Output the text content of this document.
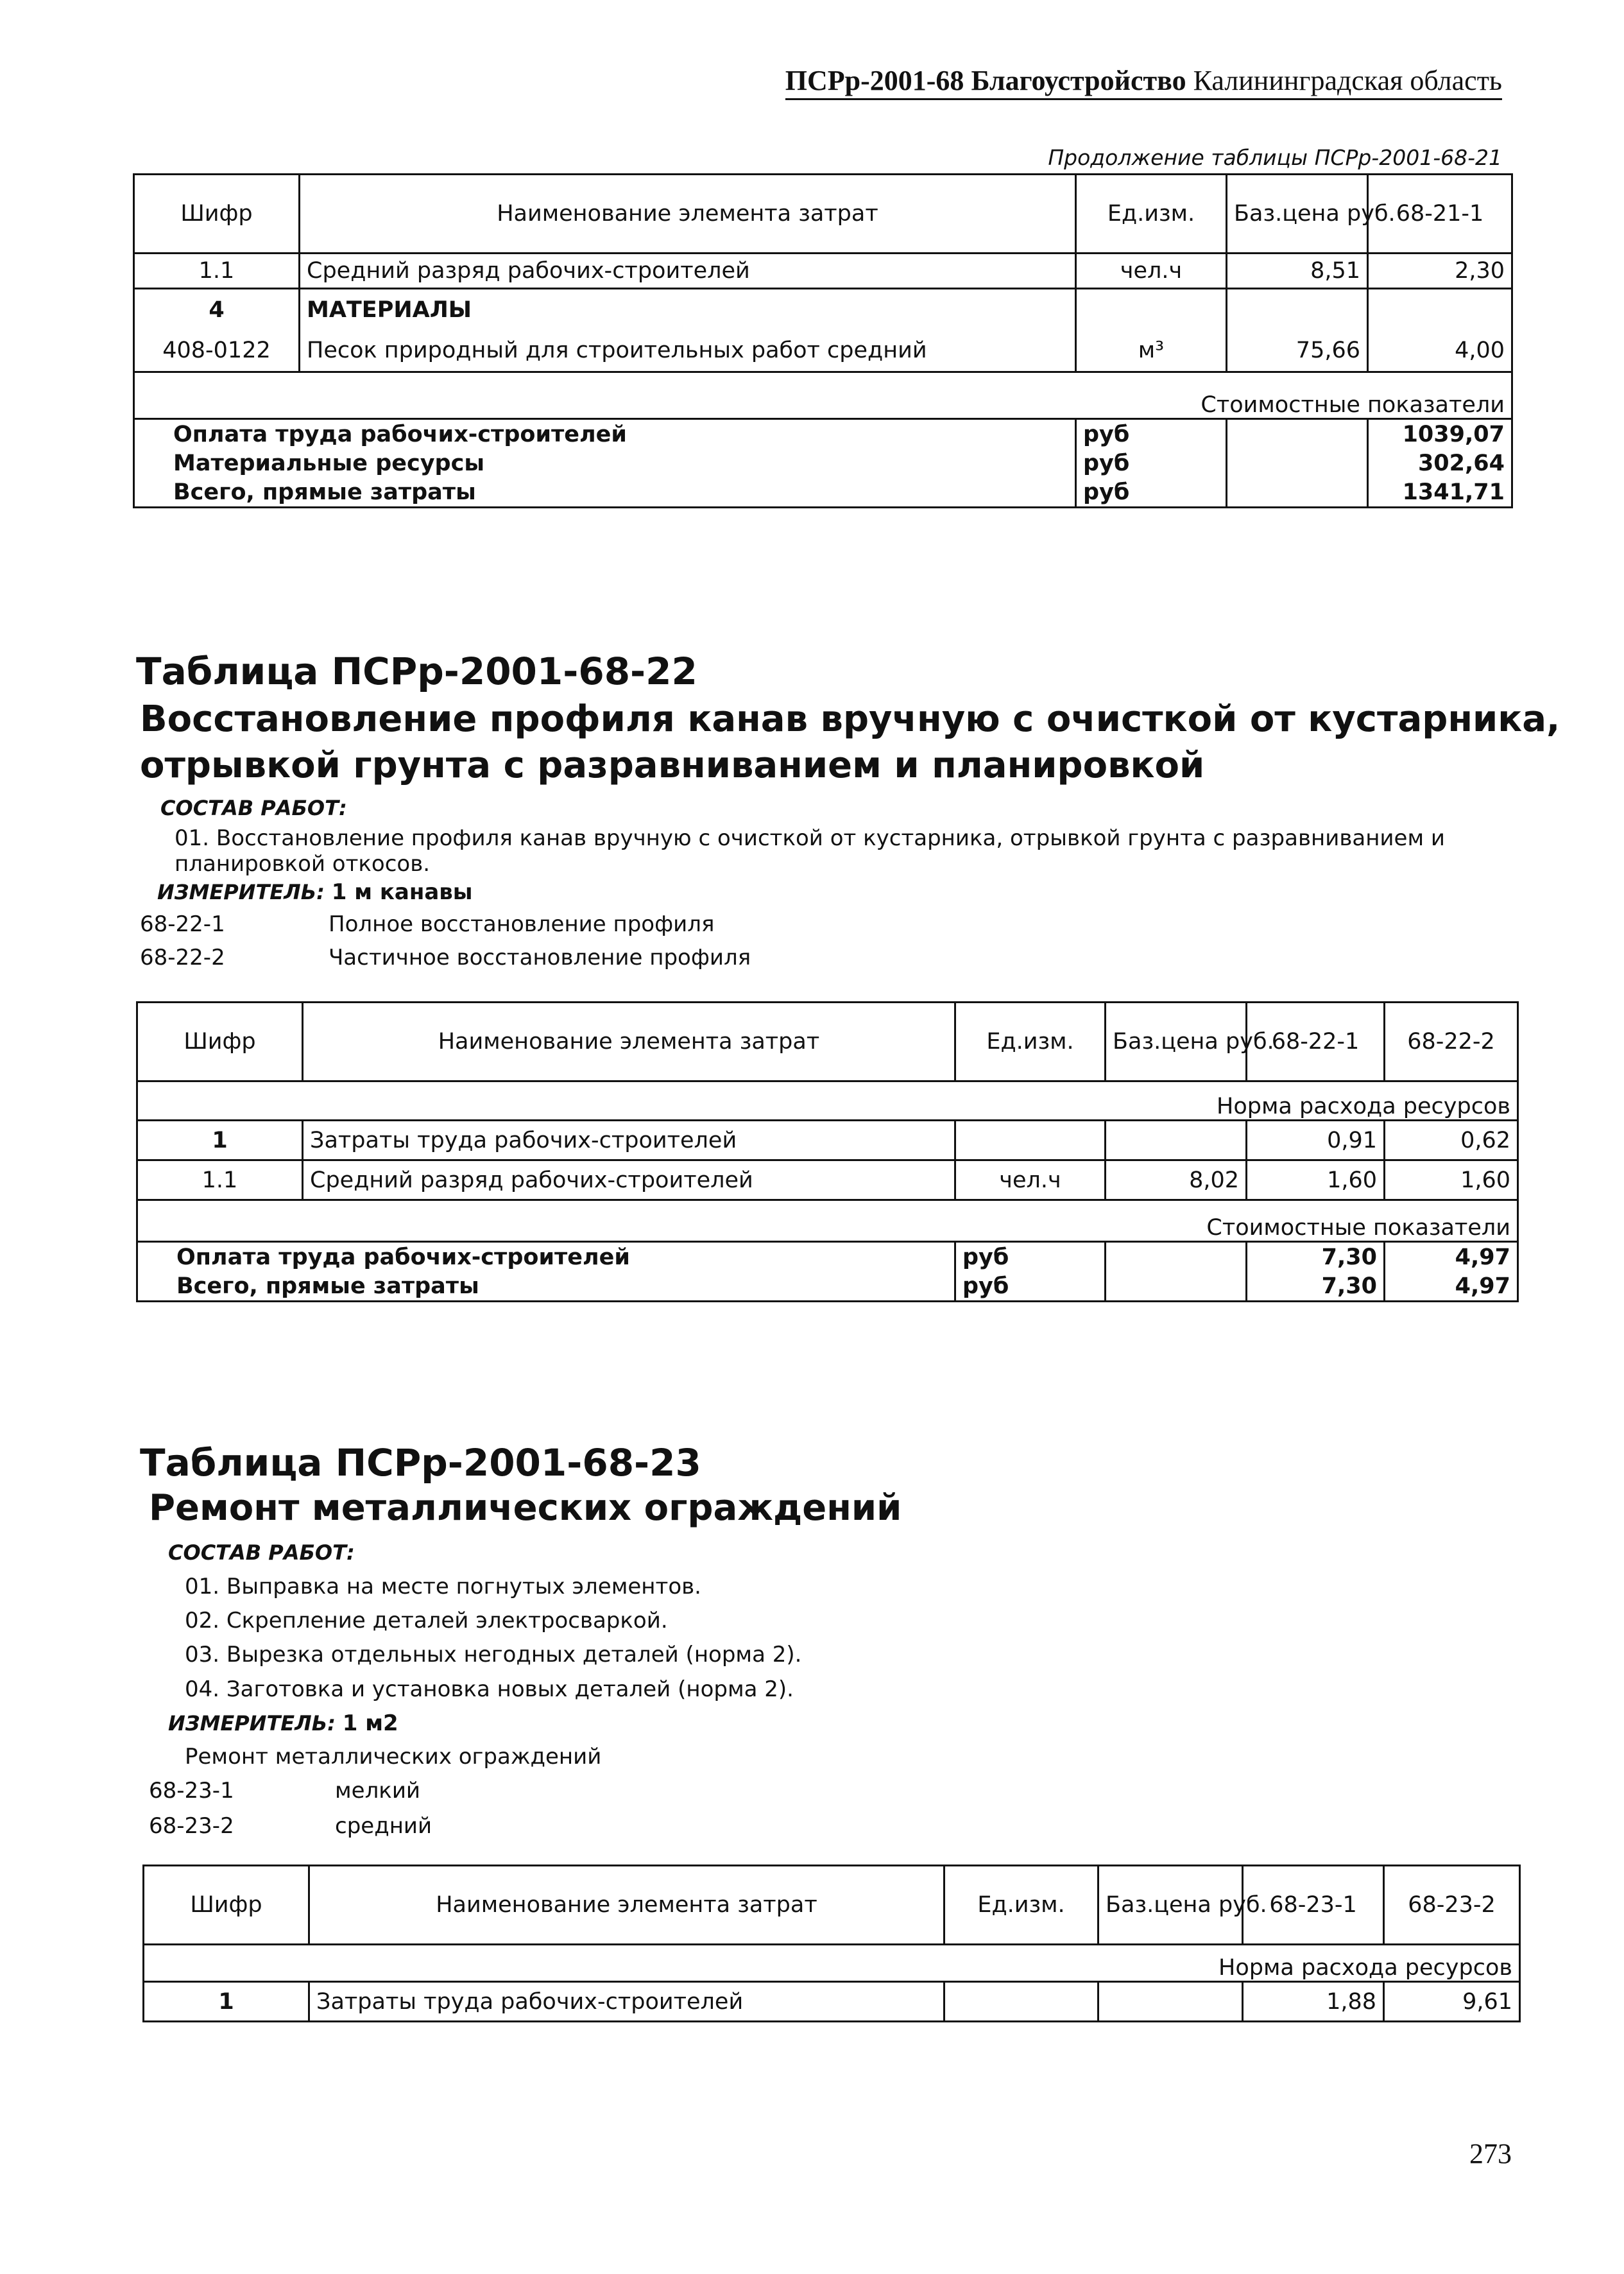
ПСРр-2001-68 Благоустройство Калининградская область
Продолжение таблицы ПСРр-2001-68-21
Шифр	Наименование элемента затрат	Ед.изм.	Баз.цена руб.	68-21-1
1.1	Средний разряд рабочих-строителей	чел.ч	8,51	2,30
4	МАТЕРИАЛЫ			
408-0122	Песок природный для строительных работ средний	м³	75,66	4,00
Стоимостные показатели				
Оплата труда рабочих-строителей		руб		1039,07
Материальные ресурсы		руб		302,64
Всего, прямые затраты		руб		1341,71
Таблица ПСРр-2001-68-22
Восстановление профиля канав вручную с очисткой от кустарника,
отрывкой грунта с разравниванием и планировкой
СОСТАВ РАБОТ:
01. Восстановление профиля канав вручную с очисткой от кустарника, отрывкой грунта с разравниванием и
планировкой откосов.
ИЗМЕРИТЕЛЬ: 1 м канавы
68-22-1	Полное восстановление профиля
68-22-2	Частичное восстановление профиля
Шифр	Наименование элемента затрат	Ед.изм.	Баз.цена руб.	68-22-1	68-22-2
Норма расхода ресурсов					
1	Затраты труда рабочих-строителей			0,91	0,62
1.1	Средний разряд рабочих-строителей	чел.ч	8,02	1,60	1,60
Стоимостные показатели					
Оплата труда рабочих-строителей		руб		7,30	4,97
Всего, прямые затраты		руб		7,30	4,97
Таблица ПСРр-2001-68-23
Ремонт металлических ограждений
СОСТАВ РАБОТ:
01. Выправка на месте погнутых элементов.
02. Скрепление деталей электросваркой.
03. Вырезка отдельных негодных деталей (норма 2).
04. Заготовка и установка новых деталей (норма 2).
ИЗМЕРИТЕЛЬ: 1 м2
Ремонт металлических ограждений
68-23-1	мелкий
68-23-2	средний
Шифр	Наименование элемента затрат	Ед.изм.	Баз.цена руб.	68-23-1	68-23-2
Норма расхода ресурсов					
1	Затраты труда рабочих-строителей			1,88	9,61
273
